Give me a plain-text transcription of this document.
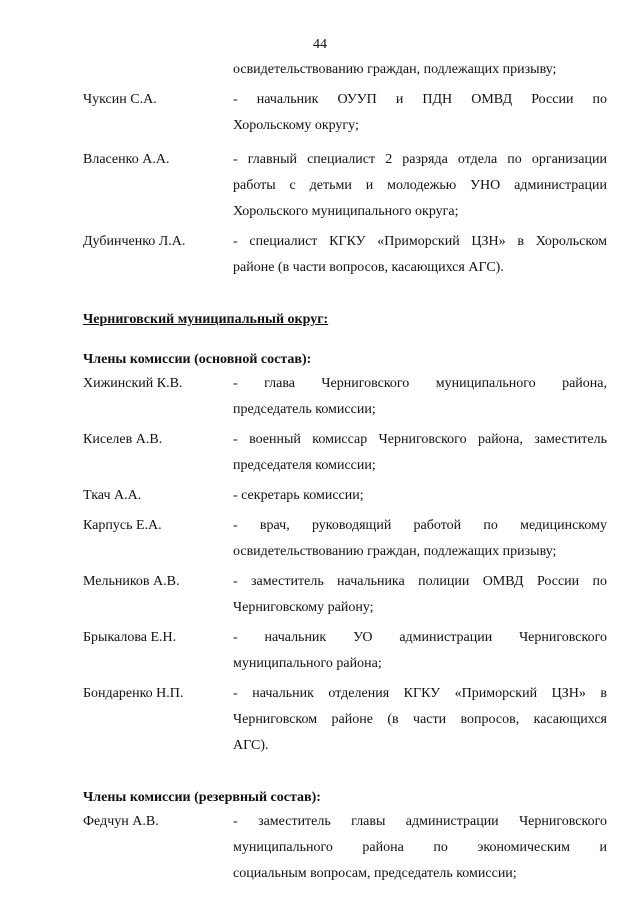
44
освидетельствованию граждан, подлежащих призыву;
Чуксин С.А.	- начальник ОУУП и ПДН ОМВД России по
Хорольскому округу;
Власенко А.А.	- главный специалист 2 разряда отдела по организации
работы с детьми и молодежью УНО администрации
Хорольского муниципального округа;
Дубинченко Л.А.	- специалист КГКУ «Приморский ЦЗН» в Хорольском
районе (в части вопросов, касающихся АГС).
Черниговский муниципальный округ:
Члены комиссии (основной состав):
Хижинский К.В.	- глава Черниговского муниципального района,
председатель комиссии;
Киселев А.В.	- военный комиссар Черниговского района, заместитель
председателя комиссии;
Ткач А.А.	- секретарь комиссии;
Карпусь Е.А.	- врач, руководящий работой по медицинскому
освидетельствованию граждан, подлежащих призыву;
Мельников А.В.	- заместитель начальника полиции ОМВД России по
Черниговскому району;
Брыкалова Е.Н.	- начальник УО администрации Черниговского
муниципального района;
Бондаренко Н.П.	- начальник отделения КГКУ «Приморский ЦЗН» в
Черниговском районе (в части вопросов, касающихся
АГС).
Члены комиссии (резервный состав):
Федчун А.В.	- заместитель главы администрации Черниговского
муниципального района по экономическим и
социальным вопросам, председатель комиссии;
